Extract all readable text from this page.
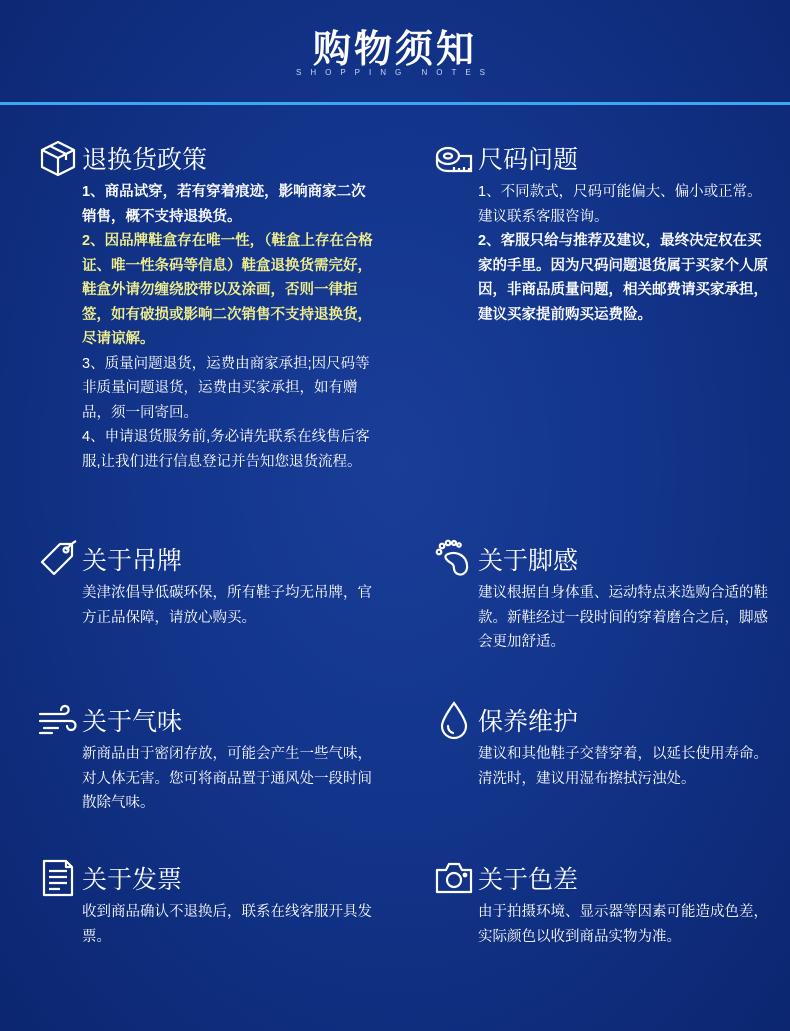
购物须知
SHOPPING NOTES
退换货政策

1、商品试穿，若有穿着痕迹，影响商家二次销售，概不支持退换货。

2、因品牌鞋盒存在唯一性，（鞋盒上存在合格证、唯一性条码等信息）鞋盒退换货需完好，鞋盒外请勿缠绕胶带以及涂画，否则一律拒签，如有破损或影响二次销售不支持退换货，尽请谅解。

3、质量问题退货，运费由商家承担;因尺码等非质量问题退货，运费由买家承担，如有赠品，须一同寄回。

4、申请退货服务前,务必请先联系在线售后客服,让我们进行信息登记并告知您退货流程。

尺码问题

1、不同款式，尺码可能偏大、偏小或正常。建议联系客服咨询。

2、客服只给与推荐及建议，最终决定权在买家的手里。因为尺码问题退货属于买家个人原因，非商品质量问题，相关邮费请买家承担，建议买家提前购买运费险。

关于吊牌

美津浓倡导低碳环保，所有鞋子均无吊牌，官方正品保障，请放心购买。

关于脚感

建议根据自身体重、运动特点来选购合适的鞋款。新鞋经过一段时间的穿着磨合之后，脚感会更加舒适。

关于气味

新商品由于密闭存放，可能会产生一些气味，对人体无害。您可将商品置于通风处一段时间散除气味。

保养维护

建议和其他鞋子交替穿着，以延长使用寿命。清洗时，建议用湿布擦拭污浊处。

关于发票

收到商品确认不退换后，联系在线客服开具发票。

关于色差

由于拍摄环境、显示器等因素可能造成色差，实际颜色以收到商品实物为准。
